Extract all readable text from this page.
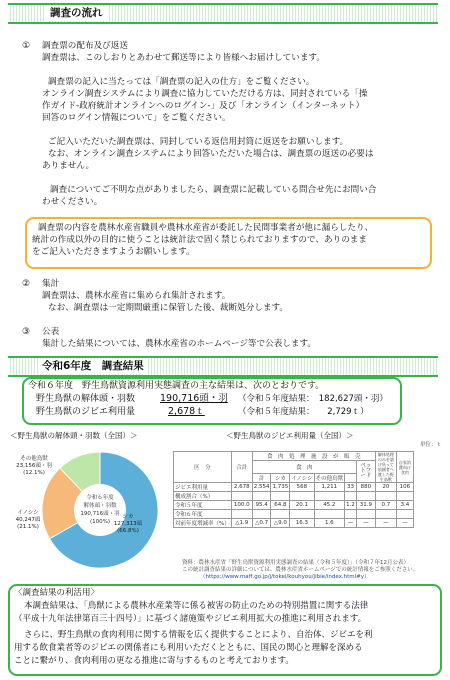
調査の流れ
① 調査票の配布及び返送
調査票は、このしおりとあわせて郵送等により皆様へお届けしています。
調査票の記入に当たっては「調査票の記入の仕方」をご覧ください。
オンライン調査システムにより調査に協力していただける方は、同封されている「操
作ガイド-政府統計オンラインへのログイン-」及び「オンライン（インターネット）
回答のログイン情報について」をご覧ください。
ご記入いただいた調査票は、同封している返信用封筒に返送をお願いします。
なお、オンライン調査システムにより回答いただいた場合は、調査票の返送の必要は
ありません。
調査についてご不明な点がありましたら、調査票に記載している問合せ先にお問い合
わせください。
調査票の内容を農林水産省職員や農林水産省が委託した民間事業者が他に漏らしたり、
統計の作成以外の目的に使うことは統計法で固く禁じられておりますので、ありのまま
をご記入いただきますようお願いします。
② 集計
調査票は、農林水産省に集められ集計されます。
なお、調査票は一定期間厳重に保管した後、裁断処分します。
③ 公表
集計した結果については、農林水産省のホームページ等で公表します。
令和6年度　調査結果
令和６年度　野生鳥獣資源利用実態調査の主な結果は、次のとおりです。
野生鳥獣の解体頭・羽数	190,716頭・羽 （令和５年度結果：　182,627頭・羽）
野生鳥獣のジビエ利用量	2,678ｔ	（令和５年度結果：　　2,729ｔ）
＜野生鳥獣の解体頭・羽数（全国）＞
令和６年度
解体頭・羽数
190,716頭・羽
(100%)
シカ
127,313頭
(66.8%)
イノシシ
40,247頭
(21.1%)
その他鳥獣
23,156頭・羽
(12.1%)
＜野生鳥獣のジビエ利用量（全国）＞
単位：ｔ
区　分	合計	食　肉　処　理　施　設　が　販　売						解体処理のみを請け負って依頼者へ渡した野生鳥獣	自家消費向け食肉
		食　肉					ペットフード		
		計	シカ	イノシシ	その他鳥獣				
ジビエ利用量	2,678	2,554	1,735	568	1,211	33	880	20	106
構成割合（%）									
令和５年度	100.0	95.4	64.8	20.1	45.2	1.2	31.9	0.7	3.4
令和６年度									
対前年度増減率（%）	△1.9	△0.7	△9.0	16.3	1.6	—	—	—	—
資料：農林水産省「野生鳥獣資源利用実態調査の結果（令和５年度）」（令和７年12月公表）
この統計調査結果の詳細については、農林水産省ホームページでの統計情報をご参照ください。
（https://www.maff.go.jp/j/tokei/kouhyou/jibie/index.html#y）
〈調査結果の利活用〉
本調査結果は、「鳥獣による農林水産業等に係る被害の防止のための特別措置に関する法律
（平成十九年法律第百三十四号）」に基づく諸施策やジビエ利用拡大の推進に利用されます。
さらに、野生鳥獣の食肉利用に関する情報を広く提供することにより、自治体、ジビエを利
用する飲食業者等のジビエの関係者にも利用いただくとともに、国民の関心と理解を深める
ことに繋がり、食肉利用の更なる推進に寄与するものと考えております。
